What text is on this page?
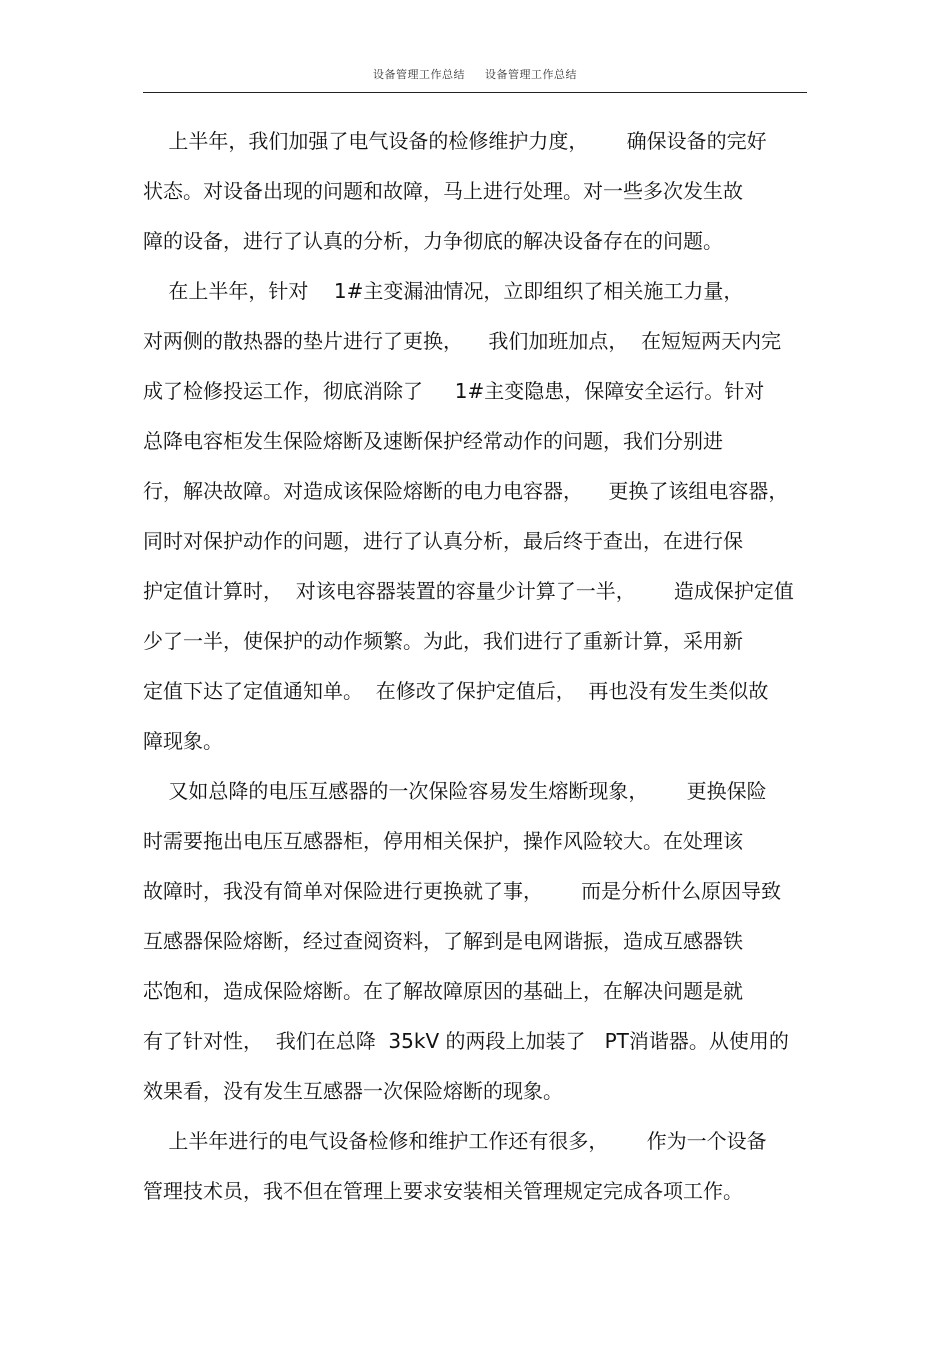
设备管理工作总结 设备管理工作总结
上半年，我们加强了电气设备的检修维护力度，      确保设备的完好
状态。对设备出现的问题和故障，马上进行处理。对一些多次发生故
障的设备，进行了认真的分析，力争彻底的解决设备存在的问题。
在上半年，针对    1#主变漏油情况，立即组织了相关施工力量，
对两侧的散热器的垫片进行了更换，    我们加班加点，  在短短两天内完
成了检修投运工作，彻底消除了     1#主变隐患，保障安全运行。针对
总降电容柜发生保险熔断及速断保护经常动作的问题，我们分别进
行，解决故障。对造成该保险熔断的电力电容器，    更换了该组电容器，
同时对保护动作的问题，进行了认真分析，最后终于查出，在进行保
护定值计算时，  对该电容器装置的容量少计算了一半，      造成保护定值
少了一半，使保护的动作频繁。为此，我们进行了重新计算，采用新
定值下达了定值通知单。  在修改了保护定值后，  再也没有发生类似故
障现象。
又如总降的电压互感器的一次保险容易发生熔断现象，      更换保险
时需要拖出电压互感器柜，停用相关保护，操作风险较大。在处理该
故障时，我没有简单对保险进行更换就了事，      而是分析什么原因导致
互感器保险熔断，经过查阅资料，了解到是电网谐振，造成互感器铁
芯饱和，造成保险熔断。在了解故障原因的基础上，在解决问题是就
有了针对性，  我们在总降  35kV 的两段上加装了   PT消谐器。从使用的
效果看，没有发生互感器一次保险熔断的现象。
上半年进行的电气设备检修和维护工作还有很多，      作为一个设备
管理技术员，我不但在管理上要求安装相关管理规定完成各项工作。
